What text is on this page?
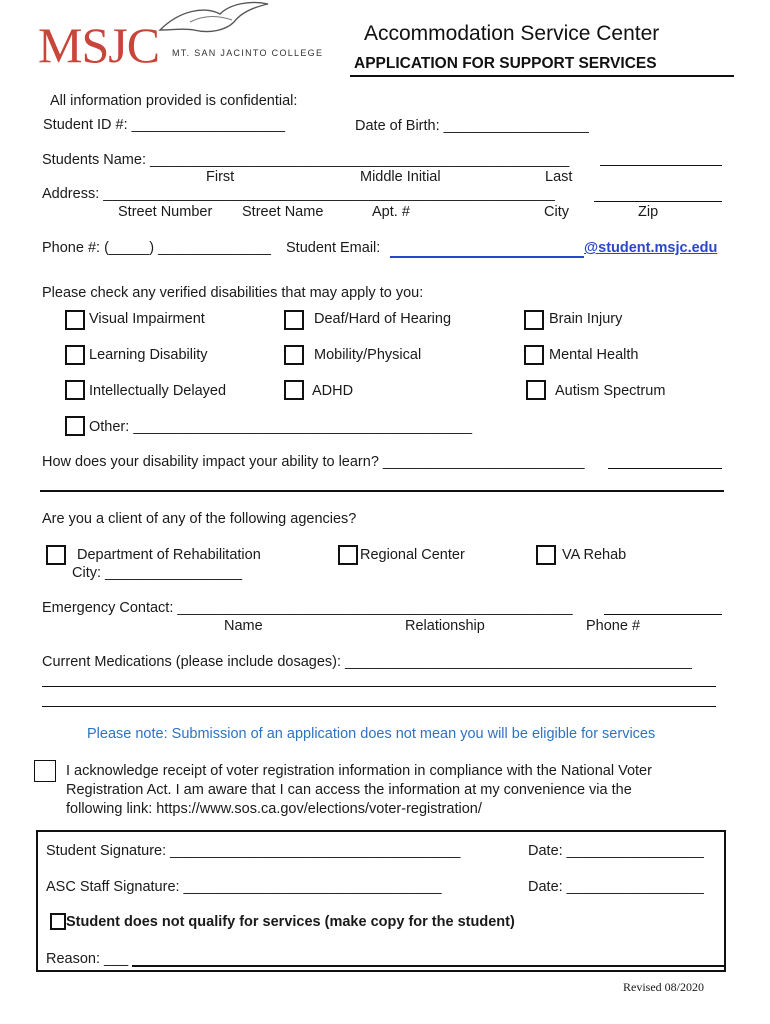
MSJC MT. SAN JACINTO COLLEGE
Accommodation Service Center
APPLICATION FOR SUPPORT SERVICES
All information provided is confidential:
Student ID #: ___________________	Date of Birth: __________________
Students Name: ____________________________________________________
First	Middle Initial	Last
Address: ________________________________________________________
Street Number Street Name	Apt. #	City	Zip
Phone #: (_____) ______________ Student Email:	@student.msjc.edu
Please check any verified disabilities that may apply to you:
Visual Impairment	Deaf/Hard of Hearing	Brain Injury
Learning Disability	Mobility/Physical	Mental Health
Intellectually Delayed	ADHD	Autism Spectrum
Other: __________________________________________
How does your disability impact your ability to learn? _________________________
Are you a client of any of the following agencies?
Department of Rehabilitation
City: _________________
Regional Center	VA Rehab
Emergency Contact: _________________________________________________
Name	Relationship	Phone #
Current Medications (please include dosages): ___________________________________________
Please note: Submission of an application does not mean you will be eligible for services
I acknowledge receipt of voter registration information in compliance with the National Voter
Registration Act. I am aware that I can access the information at my convenience via the
following link: https://www.sos.ca.gov/elections/voter-registration/
Student Signature: ____________________________________	Date: _________________
ASC Staff Signature: ________________________________	Date: _________________
Student does not qualify for services (make copy for the student)
Reason: ___
Revised 08/2020
